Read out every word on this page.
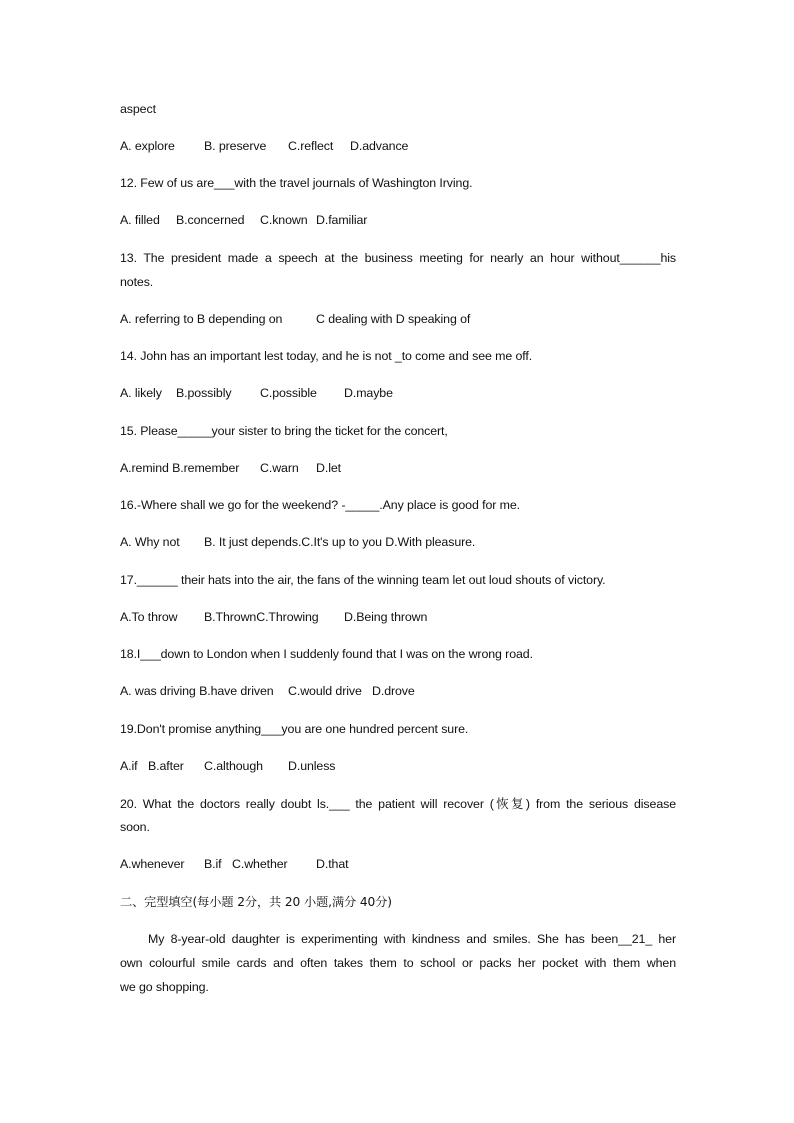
aspect
A. explore B. preserve C.reflect D.advance
12. Few of us are___with the travel journals of Washington Irving.
A. filled B.concerned C.known D.familiar
13. The president made a speech at the business meeting for nearly an hour without______his
notes.
A. referring to B depending on	C dealing with D speaking of
14. John has an important lest today, and he is not _to come and see me off.
A. likely B.possibly C.possible D.maybe
15. Please_____your sister to bring the ticket for the concert,
A.remind B.remember C.warn D.let
16.-Where shall we go for the weekend? -_____.Any place is good for me.
A. Why not B. It just depends.C.It's up to you D.With pleasure.
17.______ their hats into the air, the fans of the winning team let out loud shouts of victory.
A.To throw B.ThrownC.Throwing D.Being thrown
18.I___down to London when I suddenly found that I was on the wrong road.
A. was driving B.have driven C.would drive D.drove
19.Don't promise anything___you are one hundred percent sure.
A.if B.after C.although D.unless
20. What the doctors really doubt ls.___ the patient will recover (恢复) from the serious disease
soon.
A.whenever B.if C.whether D.that
二、完型填空(每小题 2分，共 20 小题,满分 40分)
My 8-year-old daughter is experimenting with kindness and smiles. She has been__21_ her
own colourful smile cards and often takes them to school or packs her pocket with them when
we go shopping.
